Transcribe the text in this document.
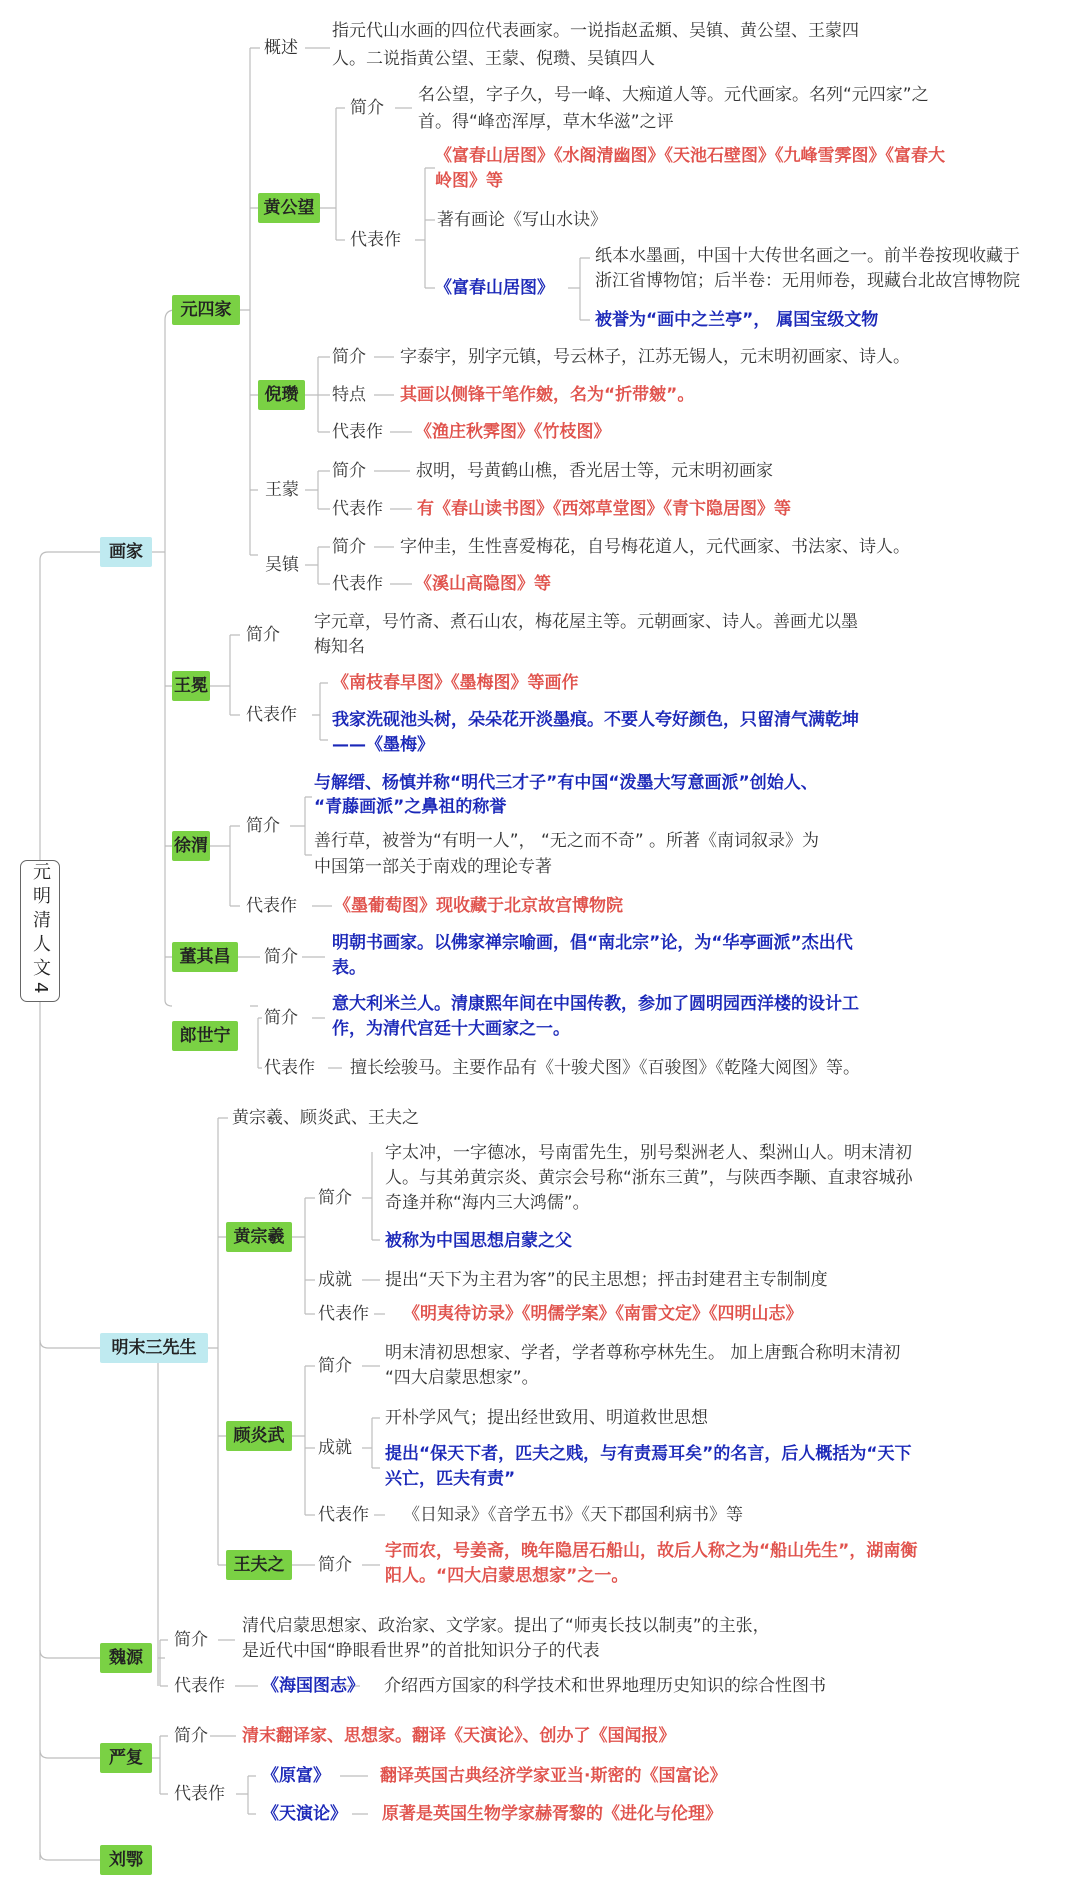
元明清人文4
画家
明末三先生
魏源
严复
刘鄂
元四家
王冕
徐渭
董其昌
郎世宁
概述
指元代山水画的四位代表画家。一说指赵孟頫、吴镇、黄公望、王蒙四
人。二说指黄公望、王蒙、倪瓒、吴镇四人
黄公望
简介
名公望，字子久，号一峰、大痴道人等。元代画家。名列“元四家”之
首。得“峰峦浑厚，草木华滋”之评
代表作
《富春山居图》《水阁清幽图》《天池石壁图》《九峰雪霁图》《富春大
岭图》等
著有画论《写山水诀》
《富春山居图》
纸本水墨画，中国十大传世名画之一。前半卷按现收藏于
浙江省博物馆；后半卷：无用师卷，现藏台北故宫博物院
被誉为“画中之兰亭”， 属国宝级文物
倪瓒
简介 字泰宇，别字元镇，号云林子，江苏无锡人，元末明初画家、诗人。
特点 其画以侧锋干笔作皴，名为“折带皴”。
代表作 《渔庄秋霁图》《竹枝图》
王蒙
简介	叔明，号黄鹤山樵，香光居士等，元末明初画家
代表作 有《春山读书图》《西郊草堂图》《青卞隐居图》等
吴镇
简介 字仲圭，生性喜爱梅花，自号梅花道人，元代画家、书法家、诗人。
代表作 《溪山高隐图》等
简介
字元章，号竹斋、煮石山农，梅花屋主等。元朝画家、诗人。善画尤以墨
梅知名
代表作
《南枝春早图》《墨梅图》等画作
我家洗砚池头树，朵朵花开淡墨痕。不要人夸好颜色，只留清气满乾坤
——《墨梅》
简介
与解缙、杨慎并称“明代三才子”有中国“泼墨大写意画派”创始人、
“青藤画派”之鼻祖的称誉
善行草，被誉为“有明一人”， “无之而不奇” 。所著《南词叙录》为
中国第一部关于南戏的理论专著
代表作 《墨葡萄图》现收藏于北京故宫博物院
简介
明朝书画家。以佛家禅宗喻画，倡“南北宗”论，为“华亭画派”杰出代
表。
简介
意大利米兰人。清康熙年间在中国传教，参加了圆明园西洋楼的设计工
作，为清代宫廷十大画家之一。
代表作 擅长绘骏马。主要作品有《十骏犬图》《百骏图》《乾隆大阅图》等。
黄宗羲、顾炎武、王夫之
黄宗羲
简介
字太冲，一字德冰，号南雷先生，别号梨洲老人、梨洲山人。明末清初
人。与其弟黄宗炎、黄宗会号称“浙东三黄”，与陕西李颙、直隶容城孙
奇逢并称“海内三大鸿儒”。
被称为中国思想启蒙之父
成就 提出“天下为主君为客”的民主思想；抨击封建君主专制制度
代表作 《明夷待访录》《明儒学案》《南雷文定》《四明山志》
顾炎武
简介
明末清初思想家、学者，学者尊称亭林先生。 加上唐甄合称明末清初
“四大启蒙思想家”。
成就
开朴学风气；提出经世致用、明道救世思想
提出“保天下者，匹夫之贱，与有责焉耳矣”的名言，后人概括为“天下
兴亡，匹夫有责”
代表作 《日知录》《音学五书》《天下郡国利病书》等
王夫之	简介
字而农，号姜斋，晚年隐居石船山，故后人称之为“船山先生”，湖南衡
阳人。“四大启蒙思想家”之一。
简介
清代启蒙思想家、政治家、文学家。提出了“师夷长技以制夷”的主张，
是近代中国“睁眼看世界”的首批知识分子的代表
代表作 《海国图志》 介绍西方国家的科学技术和世界地理历史知识的综合性图书
简介 清末翻译家、思想家。翻译《天演论》、创办了《国闻报》
代表作
《原富》	翻译英国古典经济学家亚当·斯密的《国富论》
《天演论》 原著是英国生物学家赫胥黎的《进化与伦理》
